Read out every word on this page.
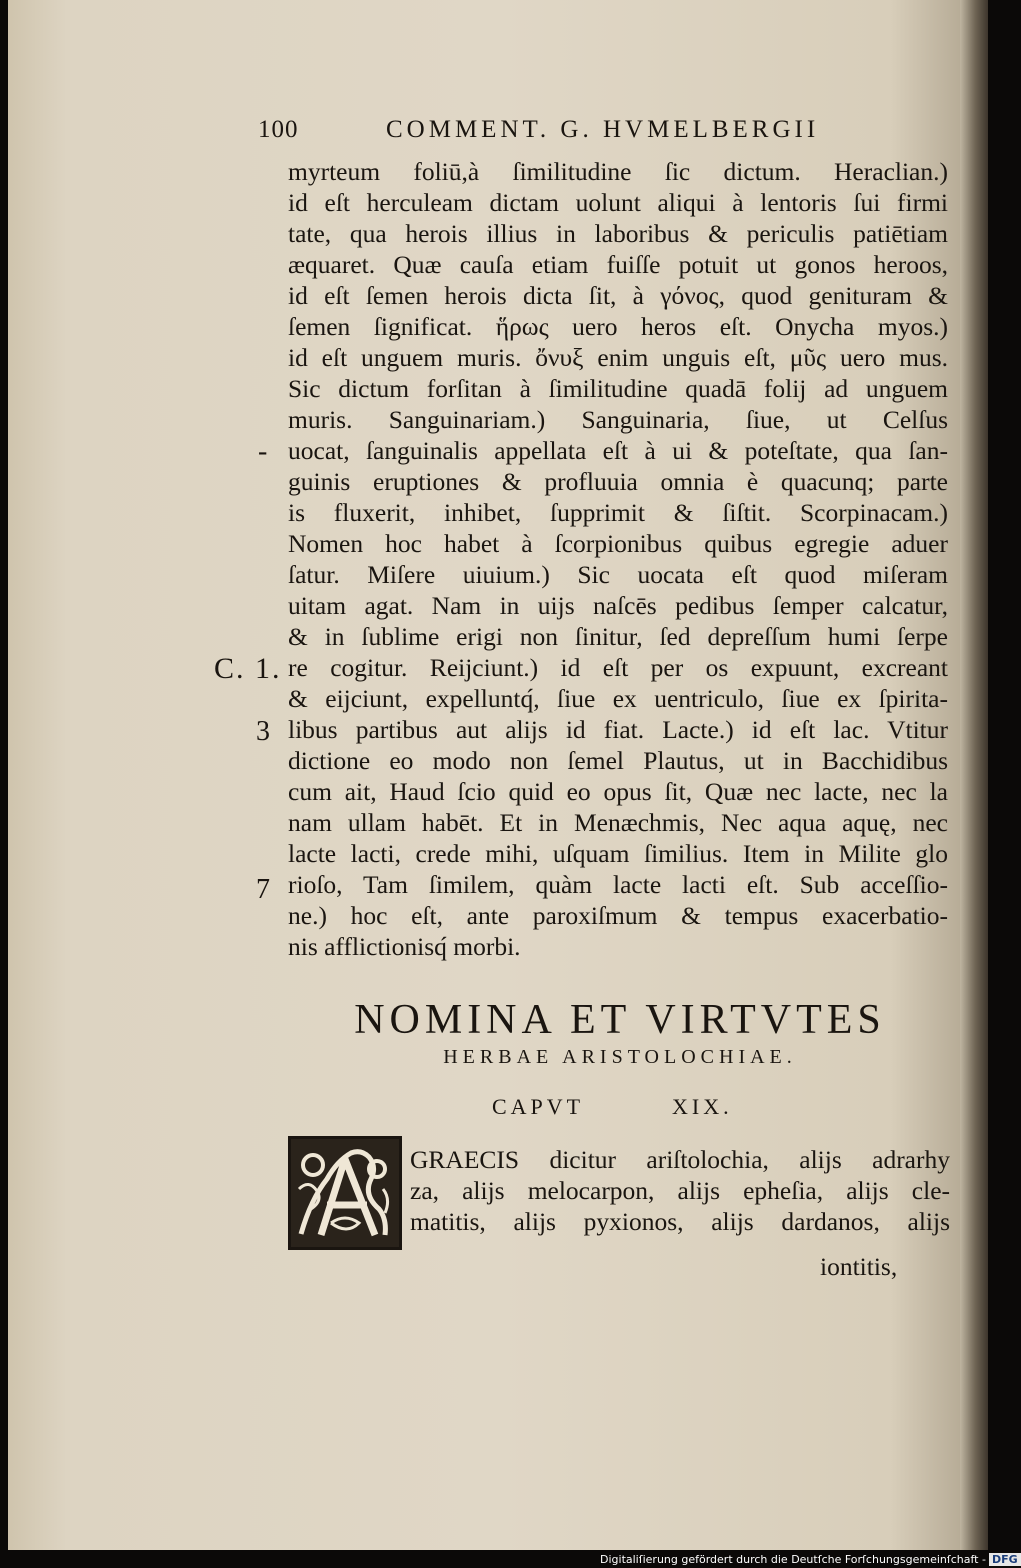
100	COMMENT. G. HVMELBERGII
myrteum foliū,à ſimilitudine ſic dictum. Heraclian.)
id eſt herculeam dictam uolunt aliqui à lentoris ſui firmi
tate, qua herois illius in laboribus & periculis patiētiam
æquaret. Quæ cauſa etiam fuiſſe potuit ut gonos heroos,
id eſt ſemen herois dicta ſit, à γόνος, quod genituram &
ſemen ſignificat. ἥρως uero heros eſt. Onycha myos.)
id eſt unguem muris. ὄνυξ enim unguis eſt, μῦς uero mus.
Sic dictum forſitan à ſimilitudine quadā folij ad unguem
muris. Sanguinariam.) Sanguinaria, ſiue, ut Celſus
uocat, ſanguinalis appellata eſt à ui & poteſtate, qua ſan-
guinis eruptiones & profluuia omnia è quacunq; parte
is fluxerit, inhibet, ſupprimit & ſiſtit. Scorpinacam.)
Nomen hoc habet à ſcorpionibus quibus egregie aduer
ſatur. Miſere uiuium.) Sic uocata eſt quod miſeram
uitam agat. Nam in uijs naſcēs pedibus ſemper calcatur,
& in ſublime erigi non ſinitur, ſed depreſſum humi ſerpe
re cogitur. Reijciunt.) id eſt per os expuunt, excreant
& eijciunt, expelluntq́, ſiue ex uentriculo, ſiue ex ſpirita-
libus partibus aut alijs id fiat. Lacte.) id eſt lac. Vtitur
dictione eo modo non ſemel Plautus, ut in Bacchidibus
cum ait, Haud ſcio quid eo opus ſit, Quæ nec lacte, nec la
nam ullam habēt. Et in Menæchmis, Nec aqua aquę, nec
lacte lacti, crede mihi, uſquam ſimilius. Item in Milite glo
rioſo, Tam ſimilem, quàm lacte lacti eſt. Sub acceſſio-
ne.) hoc eſt, ante paroxiſmum & tempus exacerbatio-
nis afflictionisq́ morbi.
-
C. 1.
3
7
NOMINA ET VIRTVTES
HERBAE ARISTOLOCHIAE.
CAPVT	XIX.
GRAECIS dicitur ariſtolochia, alijs adrarhy
za, alijs melocarpon, alijs epheſia, alijs cle-
matitis, alijs pyxionos, alijs dardanos, alijs
iontitis,
Digitaliſierung gefördert durch die Deutſche Forſchungsgemeinſchaft - DFG
